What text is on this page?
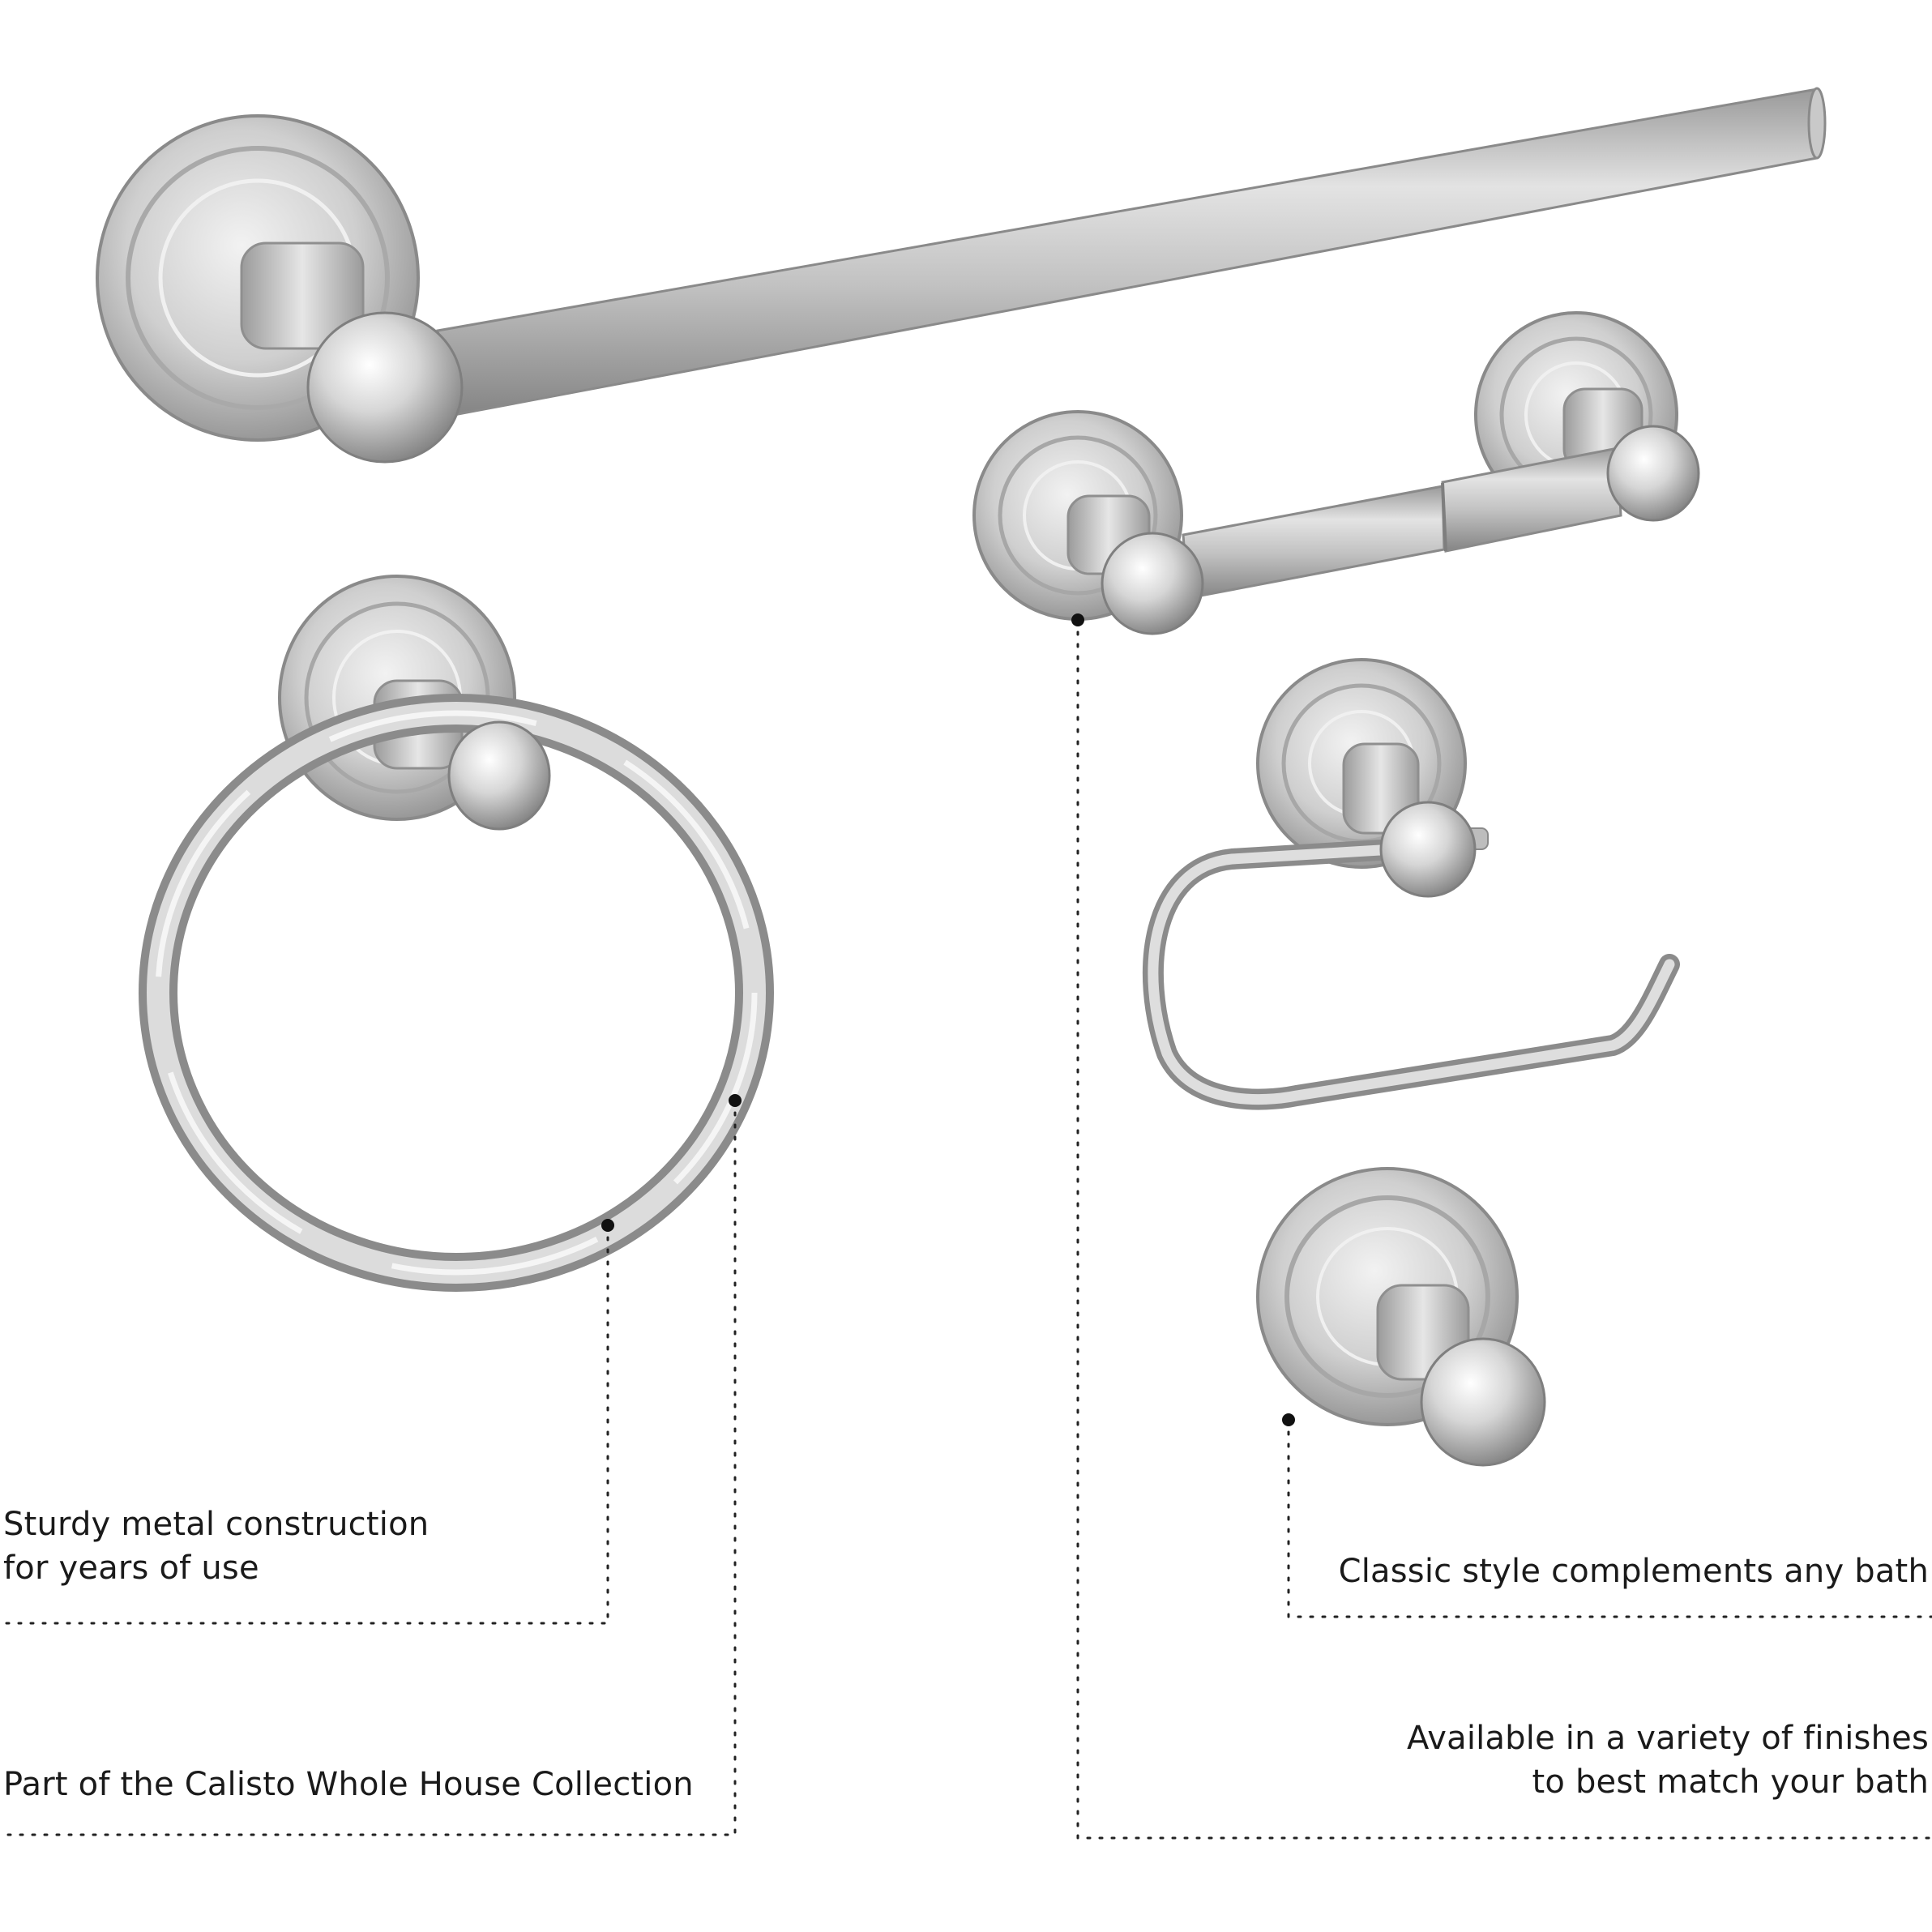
Sturdy metal construction
for years of use
Part of the Calisto Whole House Collection
Classic style complements any bath
Available in a variety of finishes
to best match your bath
